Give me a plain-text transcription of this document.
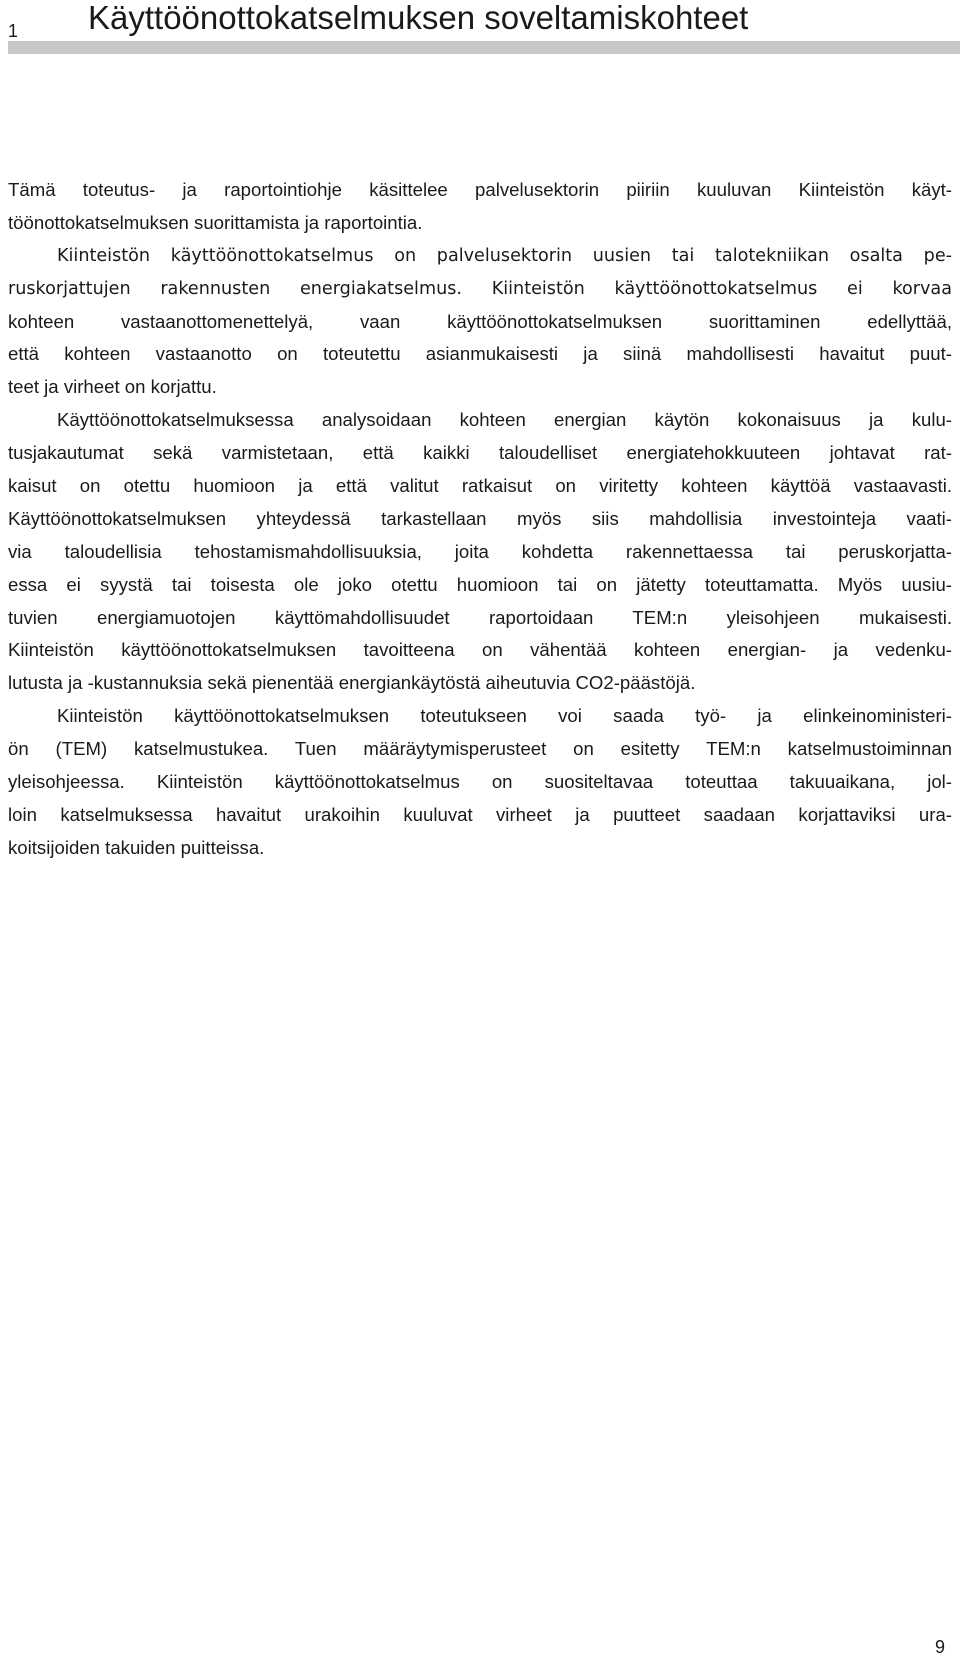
1 Käyttöönottokatselmuksen soveltamiskohteet
Tämä toteutus- ja raportointiohje käsittelee palvelusektorin piiriin kuuluvan Kiinteistön käyt-
töönottokatselmuksen suorittamista ja raportointia.
Kiinteistön käyttöönottokatselmus on palvelusektorin uusien tai talotekniikan osalta pe-
ruskorjattujen rakennusten energiakatselmus. Kiinteistön käyttöönottokatselmus ei korvaa
kohteen vastaanottomenettelyä, vaan käyttöönottokatselmuksen suorittaminen edellyttää,
että kohteen vastaanotto on toteutettu asianmukaisesti ja siinä mahdollisesti havaitut puut-
teet ja virheet on korjattu.
Käyttöönottokatselmuksessa analysoidaan kohteen energian käytön kokonaisuus ja kulu-
tusjakautumat sekä varmistetaan, että kaikki taloudelliset energiatehokkuuteen johtavat rat-
kaisut on otettu huomioon ja että valitut ratkaisut on viritetty kohteen käyttöä vastaavasti.
Käyttöönottokatselmuksen yhteydessä tarkastellaan myös siis mahdollisia investointeja vaati-
via taloudellisia tehostamismahdollisuuksia, joita kohdetta rakennettaessa tai peruskorjatta-
essa ei syystä tai toisesta ole joko otettu huomioon tai on jätetty toteuttamatta. Myös uusiu-
tuvien energiamuotojen käyttömahdollisuudet raportoidaan TEM:n yleisohjeen mukaisesti.
Kiinteistön käyttöönottokatselmuksen tavoitteena on vähentää kohteen energian- ja vedenku-
lutusta ja -kustannuksia sekä pienentää energiankäytöstä aiheutuvia CO2-päästöjä.
Kiinteistön käyttöönottokatselmuksen toteutukseen voi saada työ- ja elinkeinoministeri-
ön (TEM) katselmustukea. Tuen määräytymisperusteet on esitetty TEM:n katselmustoiminnan
yleisohjeessa. Kiinteistön käyttöönottokatselmus on suositeltavaa toteuttaa takuuaikana, jol-
loin katselmuksessa havaitut urakoihin kuuluvat virheet ja puutteet saadaan korjattaviksi ura-
koitsijoiden takuiden puitteissa.
9
